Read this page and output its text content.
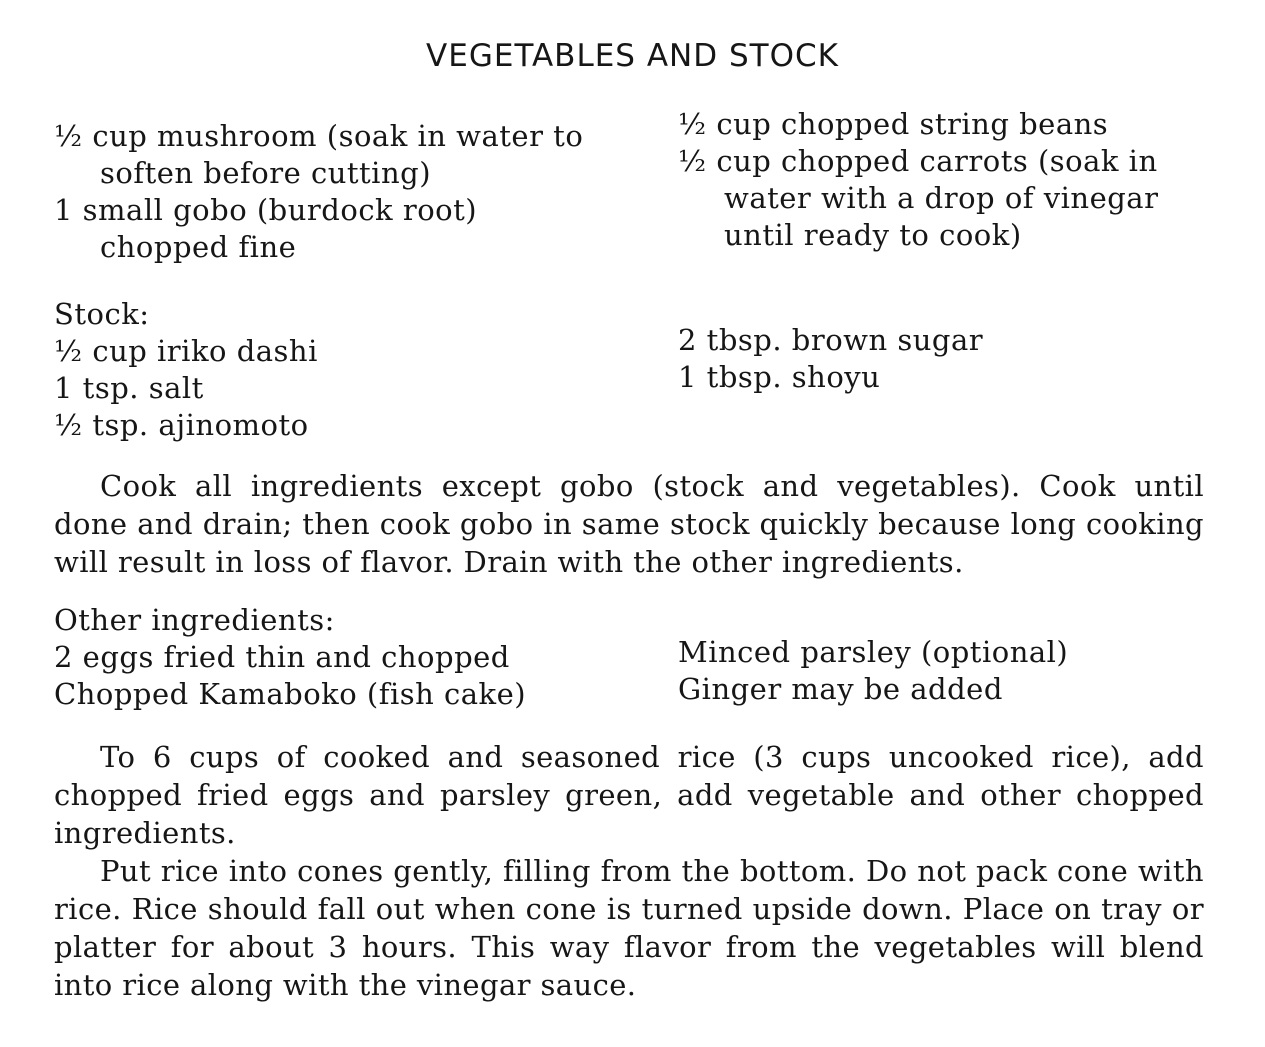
VEGETABLES AND STOCK
½ cup mushroom (soak in water to
soften before cutting)
1 small gobo (burdock root)
chopped fine
½ cup chopped string beans
½ cup chopped carrots (soak in
water with a drop of vinegar
until ready to cook)
Stock:
½ cup iriko dashi
1 tsp. salt
½ tsp. ajinomoto
2 tbsp. brown sugar
1 tbsp. shoyu
Cook all ingredients except gobo (stock and vegetables). Cook until done and drain; then cook gobo in same stock quickly because long cooking will result in loss of flavor. Drain with the other ingredients.
Other ingredients:
2 eggs fried thin and chopped
Chopped Kamaboko (fish cake)
Minced parsley (optional)
Ginger may be added
To 6 cups of cooked and seasoned rice (3 cups uncooked rice), add chopped fried eggs and parsley green, add vegetable and other chopped ingredients.
Put rice into cones gently, filling from the bottom. Do not pack cone with rice. Rice should fall out when cone is turned upside down. Place on tray or platter for about 3 hours. This way flavor from the vegetables will blend into rice along with the vinegar sauce.
